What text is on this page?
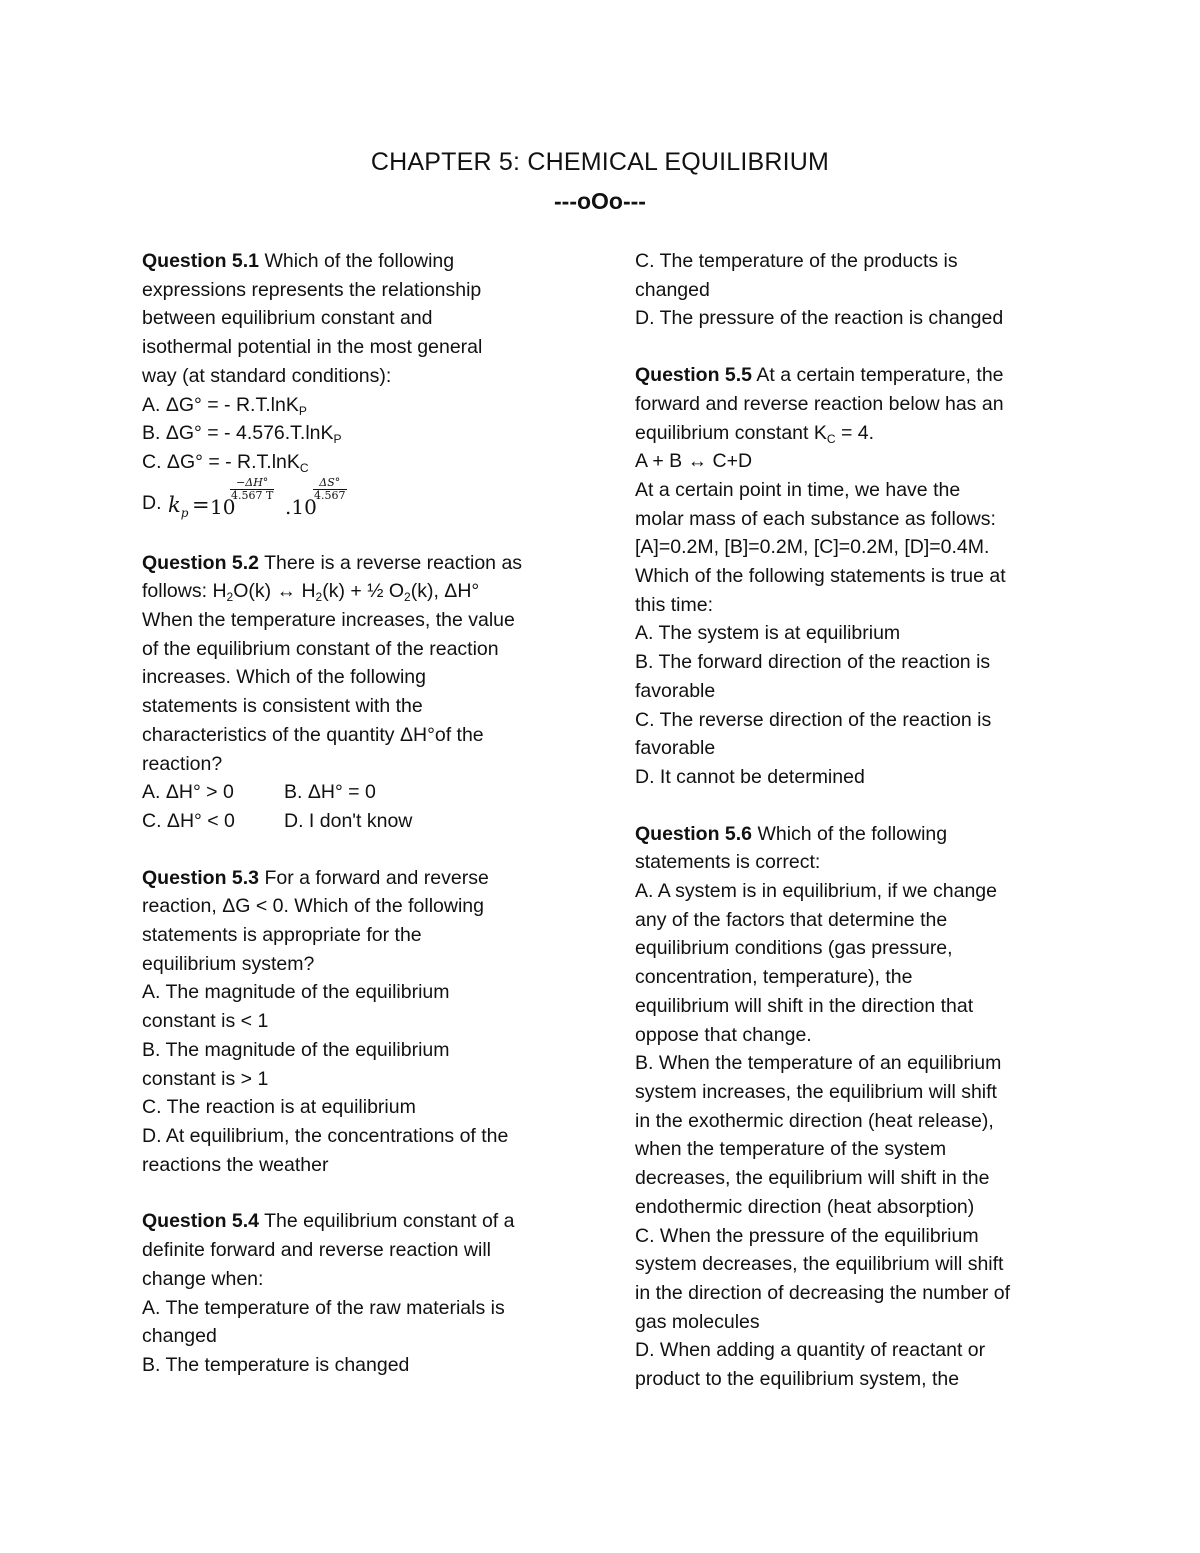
CHAPTER 5: CHEMICAL EQUILIBRIUM
---oOo---
Question 5.1 Which of the following
expressions represents the relationship
between equilibrium constant and
isothermal potential in the most general
way (at standard conditions):
A. ΔG° = - R.T.lnK$_P$
B. ΔG° = - 4.576.T.lnK$_P$
C. ΔG° = - R.T.lnK$_C$
D. $k_p = 10$
$\frac{-\Delta H^\circ}{4.567 T}$
.10
$\frac{\Delta S^\circ}{4.567}$
Question 5.2 There is a reverse reaction as
follows: $H_2O(k)$ ↔ $H_2(k)$ + ½ $O_2(k)$, ΔH°
When the temperature increases, the value
of the equilibrium constant of the reaction
increases. Which of the following
statements is consistent with the
characteristics of the quantity ΔH°of the
reaction?
A. ΔH° > 0	B. ΔH° = 0
C. ΔH° < 0	D. I don't know
Question 5.3 For a forward and reverse
reaction, ΔG < 0. Which of the following
statements is appropriate for the
equilibrium system?
A. The magnitude of the equilibrium
constant is < 1
B. The magnitude of the equilibrium
constant is > 1
C. The reaction is at equilibrium
D. At equilibrium, the concentrations of the
reactions the weather
Question 5.4 The equilibrium constant of a
definite forward and reverse reaction will
change when:
A. The temperature of the raw materials is
changed
B. The temperature is changed
C. The temperature of the products is
changed
D. The pressure of the reaction is changed
Question 5.5 At a certain temperature, the
forward and reverse reaction below has an
equilibrium constant $K_C = 4$.
A + B ↔ C+D
At a certain point in time, we have the
molar mass of each substance as follows:
[A]=0.2M, [B]=0.2M, [C]=0.2M, [D]=0.4M.
Which of the following statements is true at
this time:
A. The system is at equilibrium
B. The forward direction of the reaction is
favorable
C. The reverse direction of the reaction is
favorable
D. It cannot be determined
Question 5.6 Which of the following
statements is correct:
A. A system is in equilibrium, if we change
any of the factors that determine the
equilibrium conditions (gas pressure,
concentration, temperature), the
equilibrium will shift in the direction that
oppose that change.
B. When the temperature of an equilibrium
system increases, the equilibrium will shift
in the exothermic direction (heat release),
when the temperature of the system
decreases, the equilibrium will shift in the
endothermic direction (heat absorption)
C. When the pressure of the equilibrium
system decreases, the equilibrium will shift
in the direction of decreasing the number of
gas molecules
D. When adding a quantity of reactant or
product to the equilibrium system, the
